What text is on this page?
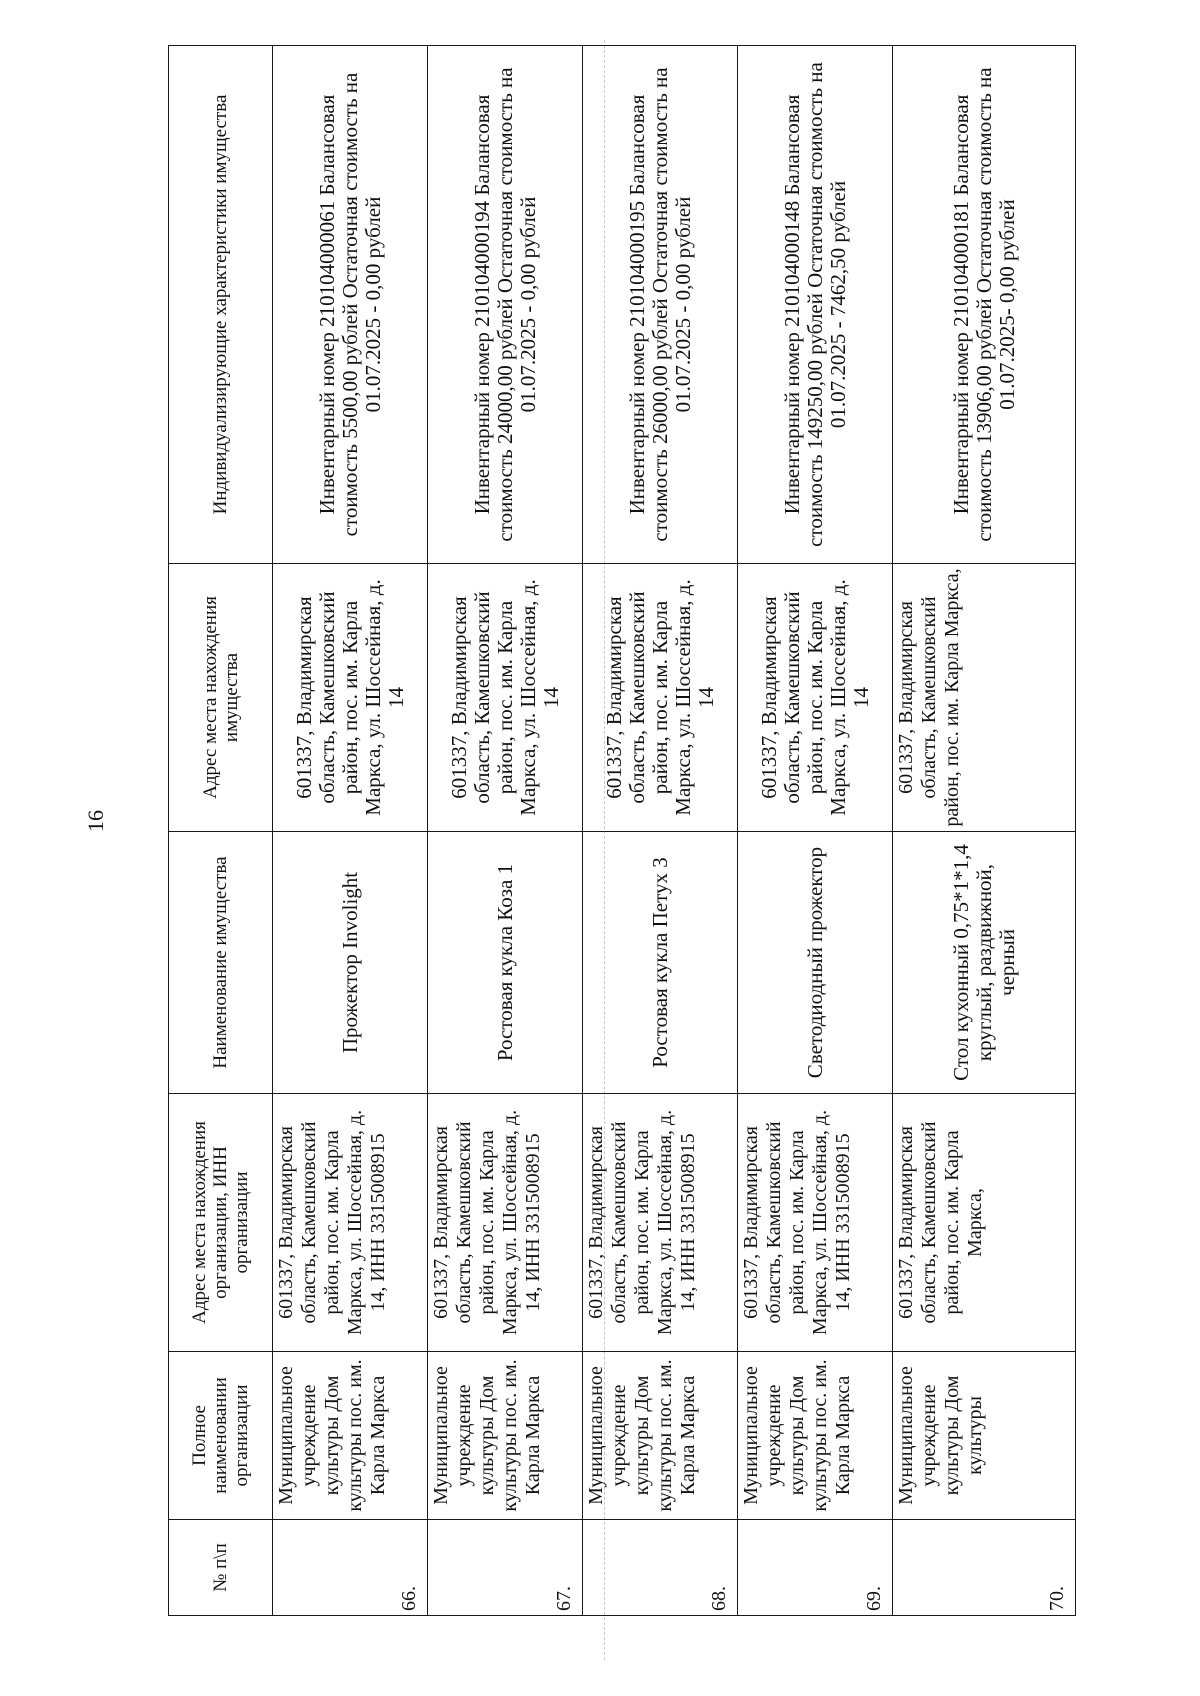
16
№ п\п	Полное наименовании организации	Адрес места нахождения организации, ИНН организации	Наименование имущества	Адрес места нахождения имущества	Индивидуализирующие характеристики имущества
66.	Муниципальное учреждение культуры Дом культуры пос. им. Карла Маркса	601337, Владимирская область, Камешковский район, пос. им. Карла Маркса, ул. Шоссейная, д. 14, ИНН 3315008915	Прожектор Involight	601337, Владимирская область, Камешковский район, пос. им. Карла Маркса, ул. Шоссейная, д. 14	Инвентарный номер 210104000061 Балансовая стоимость 5500,00 рублей Остаточная стоимость на 01.07.2025 - 0,00 рублей
67.	Муниципальное учреждение культуры Дом культуры пос. им. Карла Маркса	601337, Владимирская область, Камешковский район, пос. им. Карла Маркса, ул. Шоссейная, д. 14, ИНН 3315008915	Ростовая кукла Коза 1	601337, Владимирская область, Камешковский район, пос. им. Карла Маркса, ул. Шоссейная, д. 14	Инвентарный номер 210104000194 Балансовая стоимость 24000,00 рублей Остаточная стоимость на 01.07.2025 - 0,00 рублей
68.	Муниципальное учреждение культуры Дом культуры пос. им. Карла Маркса	601337, Владимирская область, Камешковский район, пос. им. Карла Маркса, ул. Шоссейная, д. 14, ИНН 3315008915	Ростовая кукла Петух 3	601337, Владимирская область, Камешковский район, пос. им. Карла Маркса, ул. Шоссейная, д. 14	Инвентарный номер 210104000195 Балансовая стоимость 26000,00 рублей Остаточная стоимость на 01.07.2025 - 0,00 рублей
69.	Муниципальное учреждение культуры Дом культуры пос. им. Карла Маркса	601337, Владимирская область, Камешковский район, пос. им. Карла Маркса, ул. Шоссейная, д. 14, ИНН 3315008915	Светодиодный прожектор	601337, Владимирская область, Камешковский район, пос. им. Карла Маркса, ул. Шоссейная, д. 14	Инвентарный номер 210104000148 Балансовая стоимость 149250,00 рублей Остаточная стоимость на 01.07.2025 - 7462,50 рублей
70.	Муниципальное учреждение культуры Дом культуры	601337, Владимирская область, Камешковский район, пос. им. Карла Маркса,	Стол кухонный 0,75*1*1,4 круглый, раздвижной, черный	601337, Владимирская область, Камешковский район, пос. им. Карла Маркса,	Инвентарный номер 210104000181 Балансовая стоимость 13906,00 рублей Остаточная стоимость на 01.07.2025- 0,00 рублей
